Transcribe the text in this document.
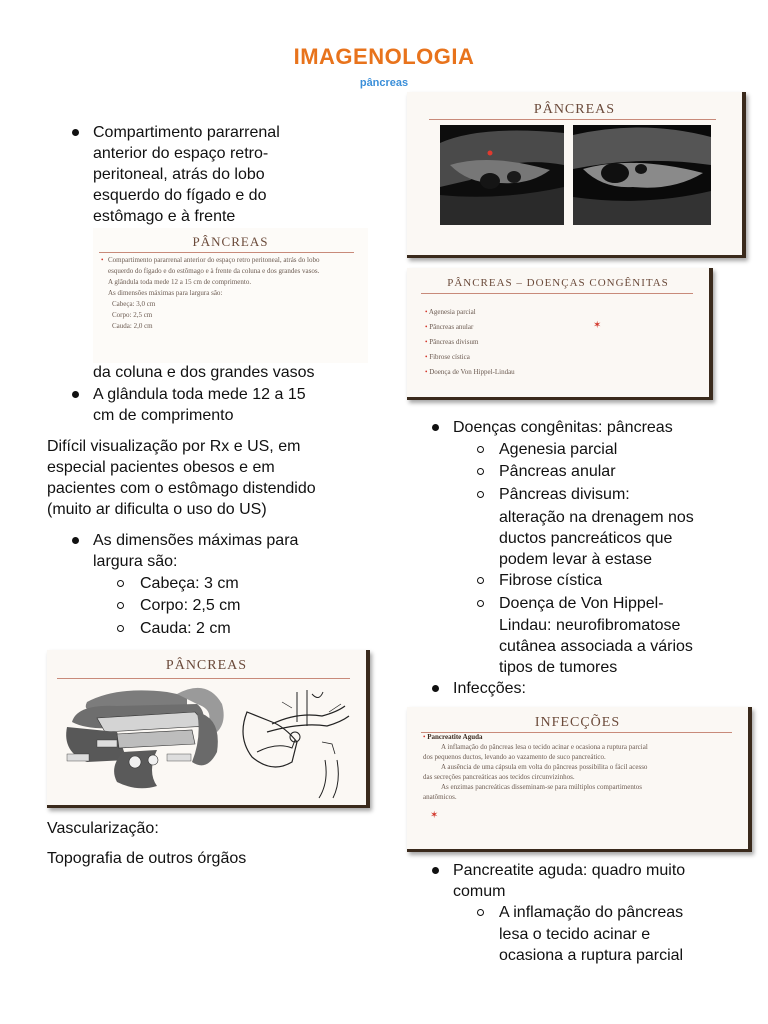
IMAGENOLOGIA
pâncreas
Compartimento pararrenal
anterior do espaço retro-
peritoneal, atrás do lobo
esquerdo do fígado e do
estômago e à frente
PÂNCREAS
• Compartimento pararrenal anterior do espaço retro peritoneal, atrás do lobo
esquerdo do fígado e do estômago e à frente da coluna e dos grandes vasos.
A glândula toda mede 12 a 15 cm de comprimento.
As dimensões máximas para largura são:
Cabeça: 3,0 cm
Corpo: 2,5 cm
Cauda: 2,0 cm
da coluna e dos grandes vasos
A glândula toda mede 12 a 15
cm de comprimento
Difícil visualização por Rx e US, em
especial pacientes obesos e em
pacientes com o estômago distendido
(muito ar dificulta o uso do US)
As dimensões máximas para
largura são:
Cabeça: 3 cm
Corpo: 2,5 cm
Cauda: 2 cm
PÂNCREAS
Vascularização:
Topografia de outros órgãos
PÂNCREAS
PÂNCREAS – DOENÇAS CONGÊNITAS
• Agenesia parcial
• Pâncreas anular
• Pâncreas divisum
• Fibrose cística
• Doença de Von Hippel-Lindau
✶
Doenças congênitas: pâncreas
Agenesia parcial
Pâncreas anular
Pâncreas divisum:
alteração na drenagem nos
ductos pancreáticos que
podem levar à estase
Fibrose cística
Doença de Von Hippel-
Lindau: neurofibromatose
cutânea associada a vários
tipos de tumores
Infecções:
INFECÇÕES
• Pancreatite Aguda
A inflamação do pâncreas lesa o tecido acinar e ocasiona a ruptura parcial
dos pequenos ductos, levando ao vazamento de suco pancreático.
A ausência de uma cápsula em volta do pâncreas possibilita o fácil acesso
das secreções pancreáticas aos tecidos circunvizinhos.
As enzimas pancreáticas disseminam-se para múltiplos compartimentos
anatômicos.
✶
Pancreatite aguda: quadro muito
comum
A inflamação do pâncreas
lesa o tecido acinar e
ocasiona a ruptura parcial
